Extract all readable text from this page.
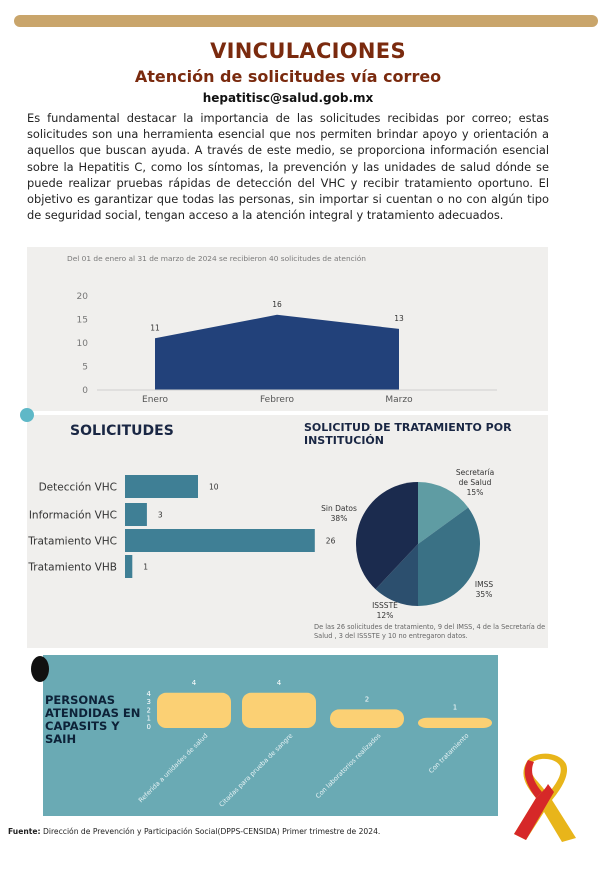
VINCULACIONES
Atención de solicitudes vía correo
hepatitisc@salud.gob.mx

Es fundamental destacar la importancia de las solicitudes recibidas por correo; estas solicitudes son una herramienta esencial que nos permiten brindar apoyo y orientación a aquellos que buscan ayuda. A través de este medio, se proporciona información esencial sobre la Hepatitis C, como los síntomas, la prevención y las unidades de salud dónde se puede realizar pruebas rápidas de detección del VHC y recibir tratamiento oportuno. El objetivo es garantizar que todas las personas, sin importar si cuentan o no con algún tipo de seguridad social, tengan acceso a la atención integral y tratamiento adecuados.

Del 01 de enero al 31 de marzo de 2024 se recibieron 40 solicitudes de atención
0
5
10
15
20
11
16
13
Enero	Febrero	Marzo
SOLICITUDES	SOLICITUD DE TRATAMIENTO POR INSTITUCIÓN
Detección VHC	10
Información VHC	3
Tratamiento VHC	26
Tratamiento VHB	1
Secretaría de Salud
15%
IMSS
35%
ISSSTE
12%
Sin Datos
38%
De las 26 solicitudes de tratamiento, 9 del IMSS, 4 de la Secretaría de Salud , 3 del ISSSTE y 10 no entregaron datos.
PERSONAS ATENDIDAS EN CAPASITS Y SAIH
0
1
2
3
4
4	4
2
1
Referida a unidades de salud Citadas para prueba de sangre	Con laboratorios realizados	Con tratamiento
Fuente: Dirección de Prevención y Participación Social(DPPS-CENSIDA) Primer trimestre de 2024.
